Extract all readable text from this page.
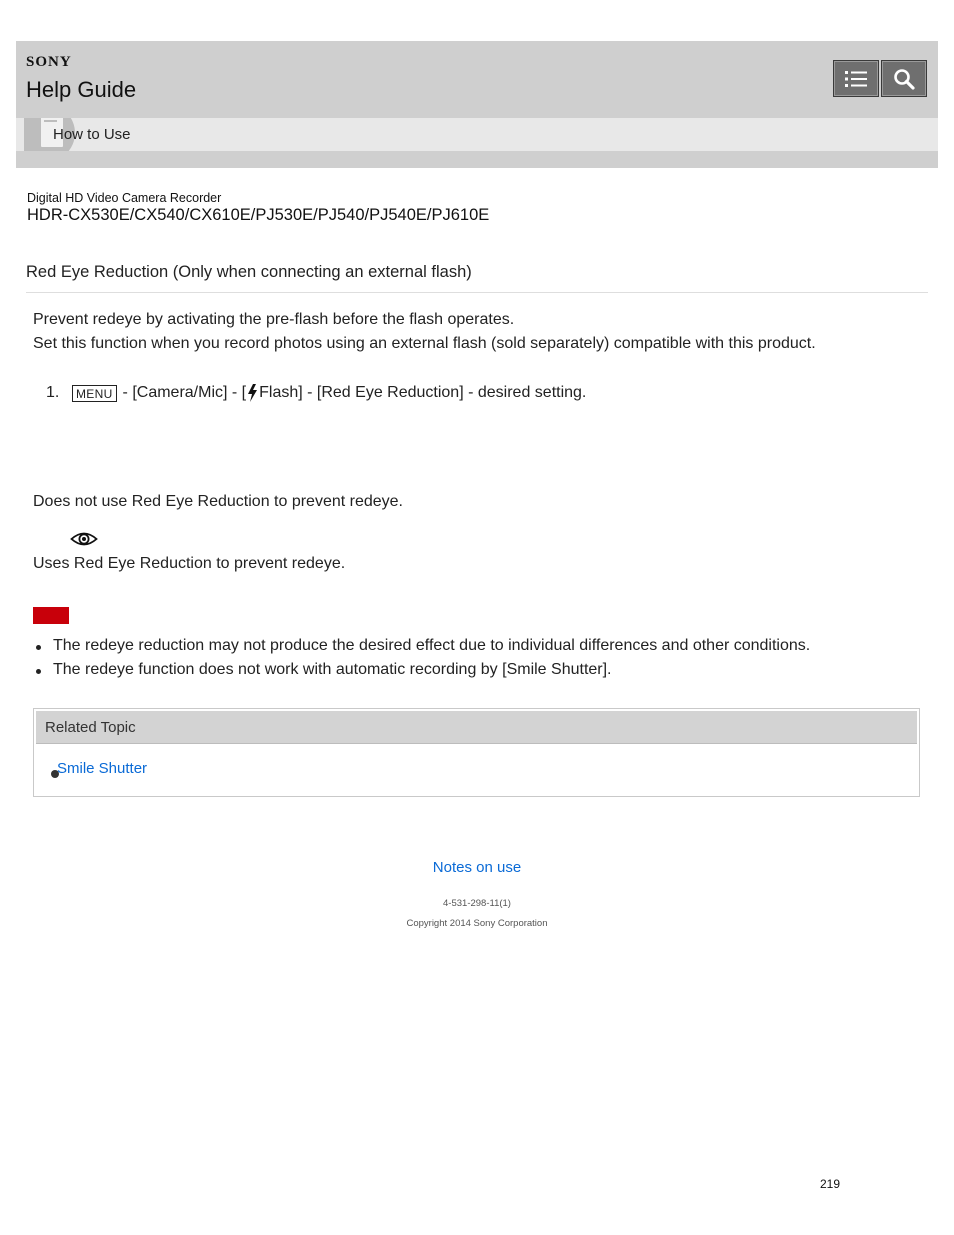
SONY
Help Guide
How to Use
Digital HD Video Camera Recorder
HDR-CX530E/CX540/CX610E/PJ530E/PJ540/PJ540E/PJ610E
Red Eye Reduction (Only when connecting an external flash)
Prevent redeye by activating the pre-flash before the flash operates.
Set this function when you record photos using an external flash (sold separately) compatible with this product.
1.	MENU - [Camera/Mic] - [ Flash] - [Red Eye Reduction] - desired setting.
Does not use Red Eye Reduction to prevent redeye.
Uses Red Eye Reduction to prevent redeye.
The redeye reduction may not produce the desired effect due to individual differences and other conditions.
The redeye function does not work with automatic recording by [Smile Shutter].
Related Topic
Smile Shutter
Notes on use
4-531-298-11(1)
Copyright 2014 Sony Corporation
219
